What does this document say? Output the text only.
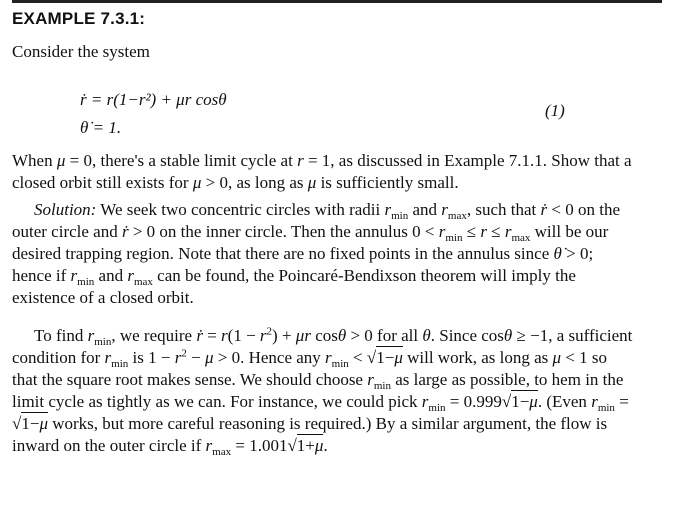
EXAMPLE 7.3.1:
Consider the system
ṙ = r(1−r²) + μr cosθ
θ̇ = 1.
(1)
When μ = 0, there's a stable limit cycle at r = 1, as discussed in Example 7.1.1. Show that a closed orbit still exists for μ > 0, as long as μ is sufficiently small.
Solution: We seek two concentric circles with radii $r_{min}$ and $r_{max}$, such that ṙ < 0 on the outer circle and ṙ > 0 on the inner circle. Then the annulus $0 < r_{min} \le r \le r_{max}$ will be our desired trapping region. Note that there are no fixed points in the annulus since θ̇ > 0; hence if $r_{min}$ and $r_{max}$ can be found, the Poincaré-Bendixson theorem will imply the existence of a closed orbit.
To find $r_{min}$, we require ṙ = $r(1 - r^2) + \mu r$ cosθ > 0 for all θ. Since cosθ ≥ −1, a sufficient condition for $r_{min}$ is $1 - r^2 - \mu > 0$. Hence any $r_{min} < √1-\mu$ will work, as long as μ < 1 so that the square root makes sense. We should choose $r_{min}$ as large as possible, to hem in the limit cycle as tightly as we can. For instance, we could pick $r_{min} = 0.999√1-\mu$. (Even $r_{min} = √1-\mu$ works, but more careful reasoning is required.) By a similar argument, the flow is inward on the outer circle if $r_{max} = 1.001√1+\mu$.
